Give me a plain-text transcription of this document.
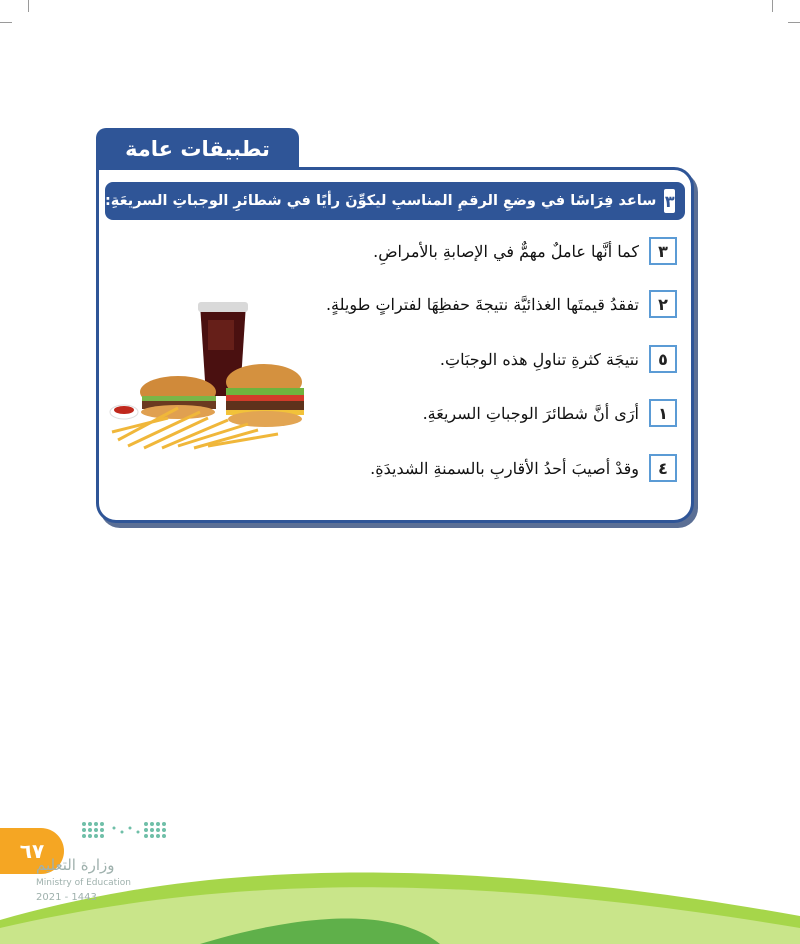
تطبيقات عامة
٣
ساعد فِرَاسًا في وضعِ الرقمِ المناسبِ ليكوِّنَ رأيًا في شطائرِ الوجباتِ السريعَةِ:
٣
كما أنَّها عاملٌ مهمٌّ في الإصابةِ بالأمراضِ.
٢
تفقدُ قيمتَها الغذائيَّة نتيجةَ حفظِهَا لفتراتٍ طويلةٍ.
٥
نتيجَة كثرةِ تناولِ هذه الوجبَاتِ.
١
أرَى أنَّ شطائرَ الوجباتِ السريعَةِ.
٤
وقدْ أصيبَ أحدُ الأقاربِ بالسمنةِ الشديدَةِ.
٦٧
وزارة التعليم
Ministry of Education
2021 - 1443
